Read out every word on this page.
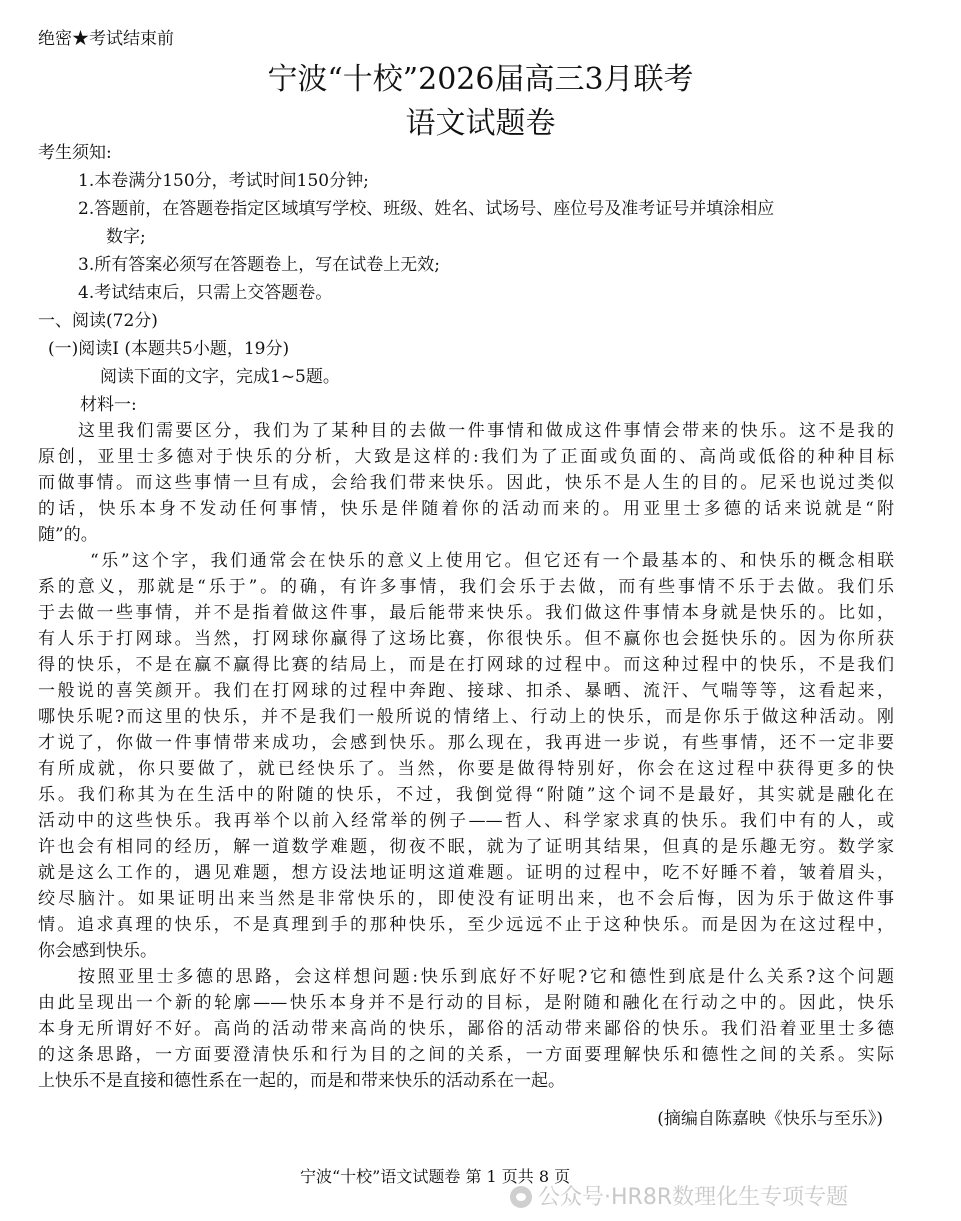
绝密★考试结束前
宁波“十校”2026届高三3月联考
语文试题卷
考生须知:
1.本卷满分150分，考试时间150分钟;
2.答题前，在答题卷指定区域填写学校、班级、姓名、试场号、座位号及准考证号并填涂相应
数字;
3.所有答案必须写在答题卷上，写在试卷上无效;
4.考试结束后，只需上交答题卷。
一、阅读(72分)
(一)阅读Ⅰ (本题共5小题，19分)
阅读下面的文字，完成1~5题。
材料一:
这里我们需要区分，我们为了某种目的去做一件事情和做成这件事情会带来的快乐。这不是我的
原创，亚里士多德对于快乐的分析，大致是这样的:我们为了正面或负面的、高尚或低俗的种种目标
而做事情。而这些事情一旦有成，会给我们带来快乐。因此，快乐不是人生的目的。尼采也说过类似
的话，快乐本身不发动任何事情，快乐是伴随着你的活动而来的。用亚里士多德的话来说就是“附
随”的。
“乐”这个字，我们通常会在快乐的意义上使用它。但它还有一个最基本的、和快乐的概念相联
系的意义，那就是“乐于”。的确，有许多事情，我们会乐于去做，而有些事情不乐于去做。我们乐
于去做一些事情，并不是指着做这件事，最后能带来快乐。我们做这件事情本身就是快乐的。比如，
有人乐于打网球。当然，打网球你赢得了这场比赛，你很快乐。但不赢你也会挺快乐的。因为你所获
得的快乐，不是在赢不赢得比赛的结局上，而是在打网球的过程中。而这种过程中的快乐，不是我们
一般说的喜笑颜开。我们在打网球的过程中奔跑、接球、扣杀、暴晒、流汗、气喘等等，这看起来，
哪快乐呢?而这里的快乐，并不是我们一般所说的情绪上、行动上的快乐，而是你乐于做这种活动。刚
才说了，你做一件事情带来成功，会感到快乐。那么现在，我再进一步说，有些事情，还不一定非要
有所成就，你只要做了，就已经快乐了。当然，你要是做得特别好，你会在这过程中获得更多的快
乐。我们称其为在生活中的附随的快乐，不过，我倒觉得“附随”这个词不是最好，其实就是融化在
活动中的这些快乐。我再举个以前入经常举的例子——哲人、科学家求真的快乐。我们中有的人，或
许也会有相同的经历，解一道数学难题，彻夜不眠，就为了证明其结果，但真的是乐趣无穷。数学家
就是这么工作的，遇见难题，想方设法地证明这道难题。证明的过程中，吃不好睡不着，皱着眉头，
绞尽脑汁。如果证明出来当然是非常快乐的，即使没有证明出来，也不会后悔，因为乐于做这件事
情。追求真理的快乐，不是真理到手的那种快乐，至少远远不止于这种快乐。而是因为在这过程中，
你会感到快乐。
按照亚里士多德的思路，会这样想问题:快乐到底好不好呢?它和德性到底是什么关系?这个问题
由此呈现出一个新的轮廓——快乐本身并不是行动的目标，是附随和融化在行动之中的。因此，快乐
本身无所谓好不好。高尚的活动带来高尚的快乐，鄙俗的活动带来鄙俗的快乐。我们沿着亚里士多德
的这条思路，一方面要澄清快乐和行为目的之间的关系，一方面要理解快乐和德性之间的关系。实际
上快乐不是直接和德性系在一起的，而是和带来快乐的活动系在一起。
(摘编自陈嘉映《快乐与至乐》)
宁波“十校”语文试题卷 第 1 页共 8 页
公众号·HR8R数理化生专项专题
